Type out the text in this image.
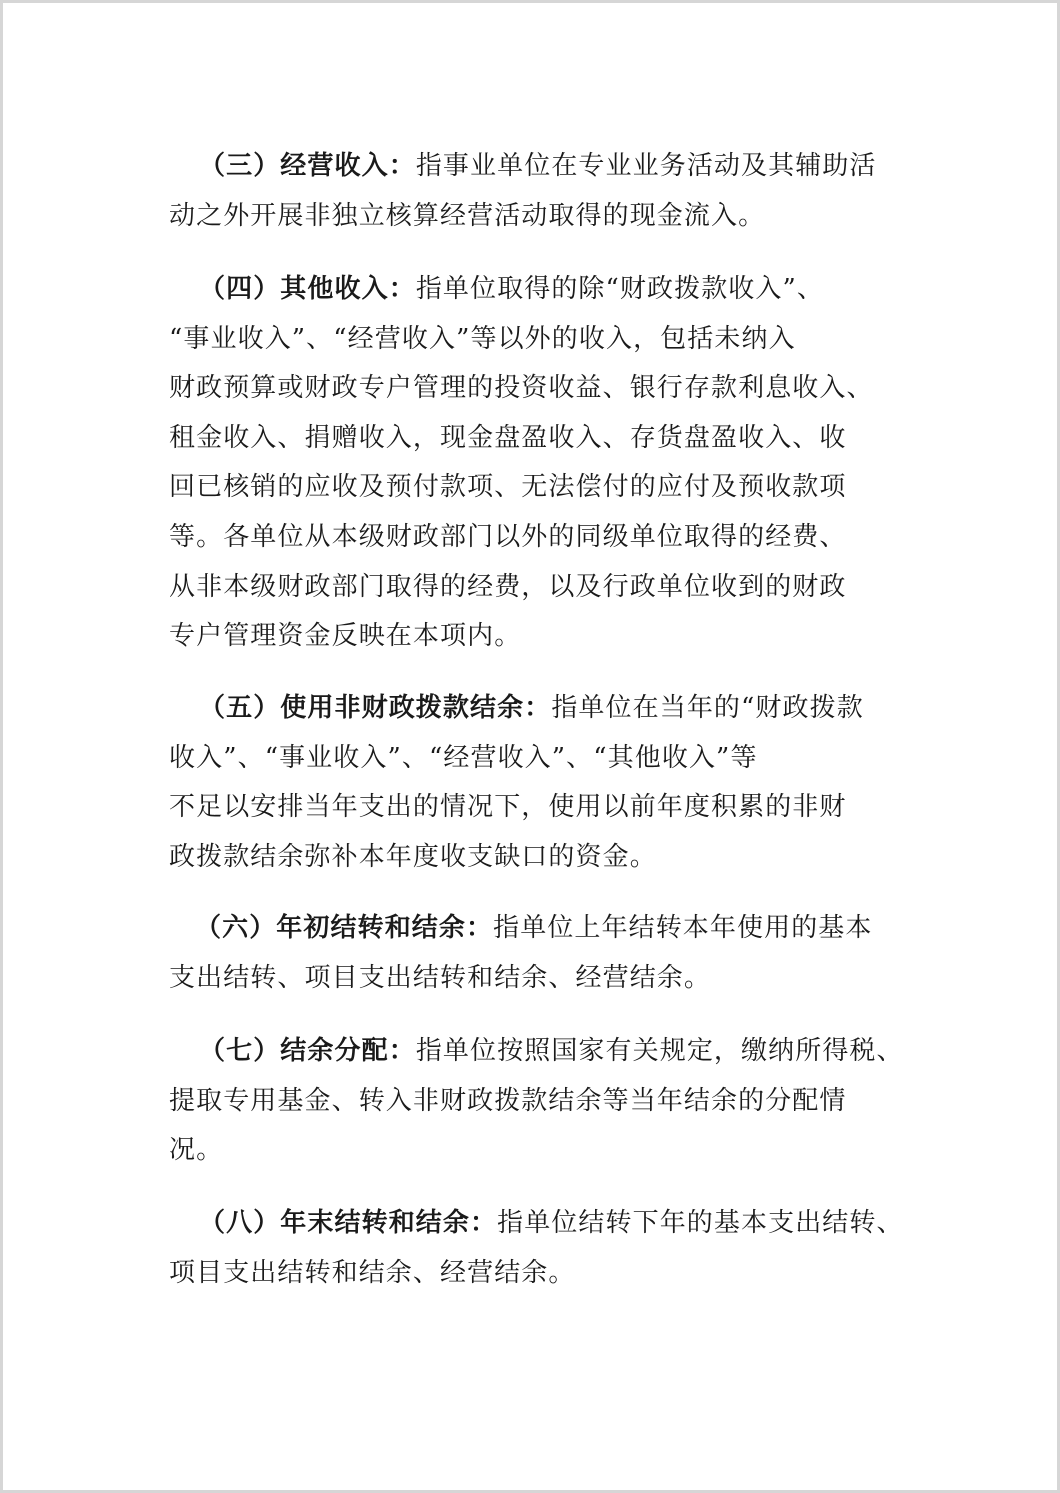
（三）经营收入：指事业单位在专业业务活动及其辅助活
动之外开展非独立核算经营活动取得的现金流入。
（四）其他收入：指单位取得的除“财政拨款收入”、
“事业收入”、“经营收入”等以外的收入，包括未纳入
财政预算或财政专户管理的投资收益、银行存款利息收入、
租金收入、捐赠收入，现金盘盈收入、存货盘盈收入、收
回已核销的应收及预付款项、无法偿付的应付及预收款项
等。各单位从本级财政部门以外的同级单位取得的经费、
从非本级财政部门取得的经费，以及行政单位收到的财政
专户管理资金反映在本项内。
（五）使用非财政拨款结余：指单位在当年的“财政拨款
收入”、“事业收入”、“经营收入”、“其他收入”等
不足以安排当年支出的情况下，使用以前年度积累的非财
政拨款结余弥补本年度收支缺口的资金。
（六）年初结转和结余：指单位上年结转本年使用的基本
支出结转、项目支出结转和结余、经营结余。
（七）结余分配：指单位按照国家有关规定，缴纳所得税、
提取专用基金、转入非财政拨款结余等当年结余的分配情
况。
（八）年末结转和结余：指单位结转下年的基本支出结转、
项目支出结转和结余、经营结余。
